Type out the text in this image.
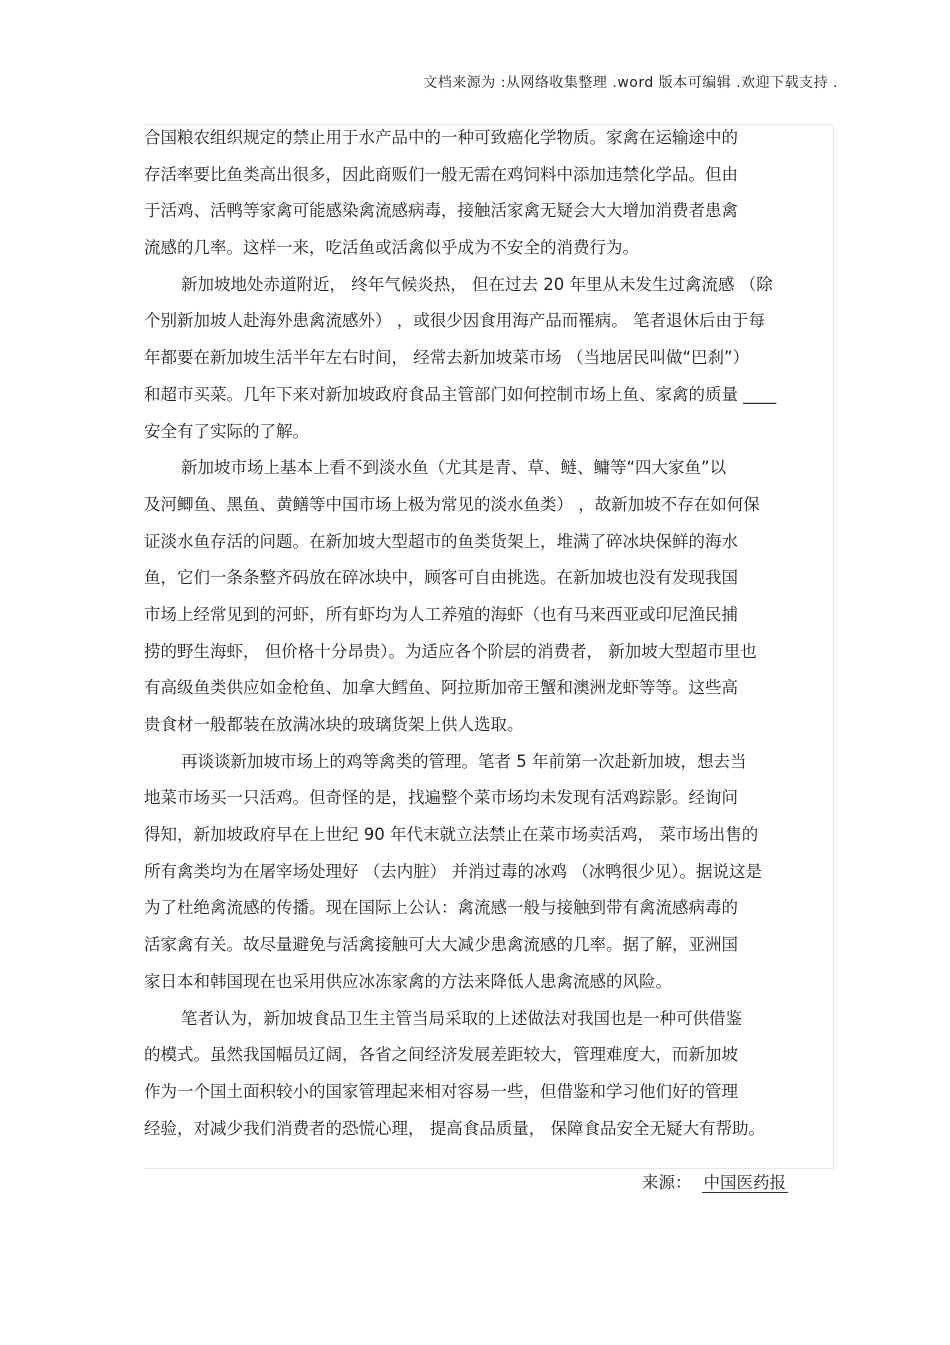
文档来源为 :从网络收集整理 .word 版本可编辑 .欢迎下载支持 .
合国粮农组织规定的禁止用于水产品中的一种可致癌化学物质。家禽在运输途中的
存活率要比鱼类高出很多，因此商贩们一般无需在鸡饲料中添加违禁化学品。但由
于活鸡、活鸭等家禽可能感染禽流感病毒，接触活家禽无疑会大大增加消费者患禽
流感的几率。这样一来，吃活鱼或活禽似乎成为不安全的消费行为。
新加坡地处赤道附近， 终年气候炎热， 但在过去 20 年里从未发生过禽流感 （除
个别新加坡人赴海外患禽流感外） ，或很少因食用海产品而罹病。 笔者退休后由于每
年都要在新加坡生活半年左右时间， 经常去新加坡菜市场 （当地居民叫做“巴刹”）
和超市买菜。几年下来对新加坡政府食品主管部门如何控制市场上鱼、家禽的质量 ____
安全有了实际的了解。
新加坡市场上基本上看不到淡水鱼（尤其是青、草、鲢、鳙等“四大家鱼”以
及河鲫鱼、黑鱼、黄鳝等中国市场上极为常见的淡水鱼类） ，故新加坡不存在如何保
证淡水鱼存活的问题。在新加坡大型超市的鱼类货架上，堆满了碎冰块保鲜的海水
鱼，它们一条条整齐码放在碎冰块中，顾客可自由挑选。在新加坡也没有发现我国
市场上经常见到的河虾，所有虾均为人工养殖的海虾（也有马来西亚或印尼渔民捕
捞的野生海虾， 但价格十分昂贵）。为适应各个阶层的消费者， 新加坡大型超市里也
有高级鱼类供应如金枪鱼、加拿大鳕鱼、阿拉斯加帝王蟹和澳洲龙虾等等。这些高
贵食材一般都装在放满冰块的玻璃货架上供人选取。
再谈谈新加坡市场上的鸡等禽类的管理。笔者 5 年前第一次赴新加坡，想去当
地菜市场买一只活鸡。但奇怪的是，找遍整个菜市场均未发现有活鸡踪影。经询问
得知，新加坡政府早在上世纪 90 年代末就立法禁止在菜市场卖活鸡， 菜市场出售的
所有禽类均为在屠宰场处理好 （去内脏） 并消过毒的冰鸡 （冰鸭很少见）。据说这是
为了杜绝禽流感的传播。现在国际上公认：禽流感一般与接触到带有禽流感病毒的
活家禽有关。故尽量避免与活禽接触可大大减少患禽流感的几率。据了解，亚洲国
家日本和韩国现在也采用供应冰冻家禽的方法来降低人患禽流感的风险。
笔者认为，新加坡食品卫生主管当局采取的上述做法对我国也是一种可供借鉴
的模式。虽然我国幅员辽阔，各省之间经济发展差距较大，管理难度大，而新加坡
作为一个国土面积较小的国家管理起来相对容易一些，但借鉴和学习他们好的管理
经验，对减少我们消费者的恐慌心理， 提高食品质量， 保障食品安全无疑大有帮助。
来源： 中国医药报
